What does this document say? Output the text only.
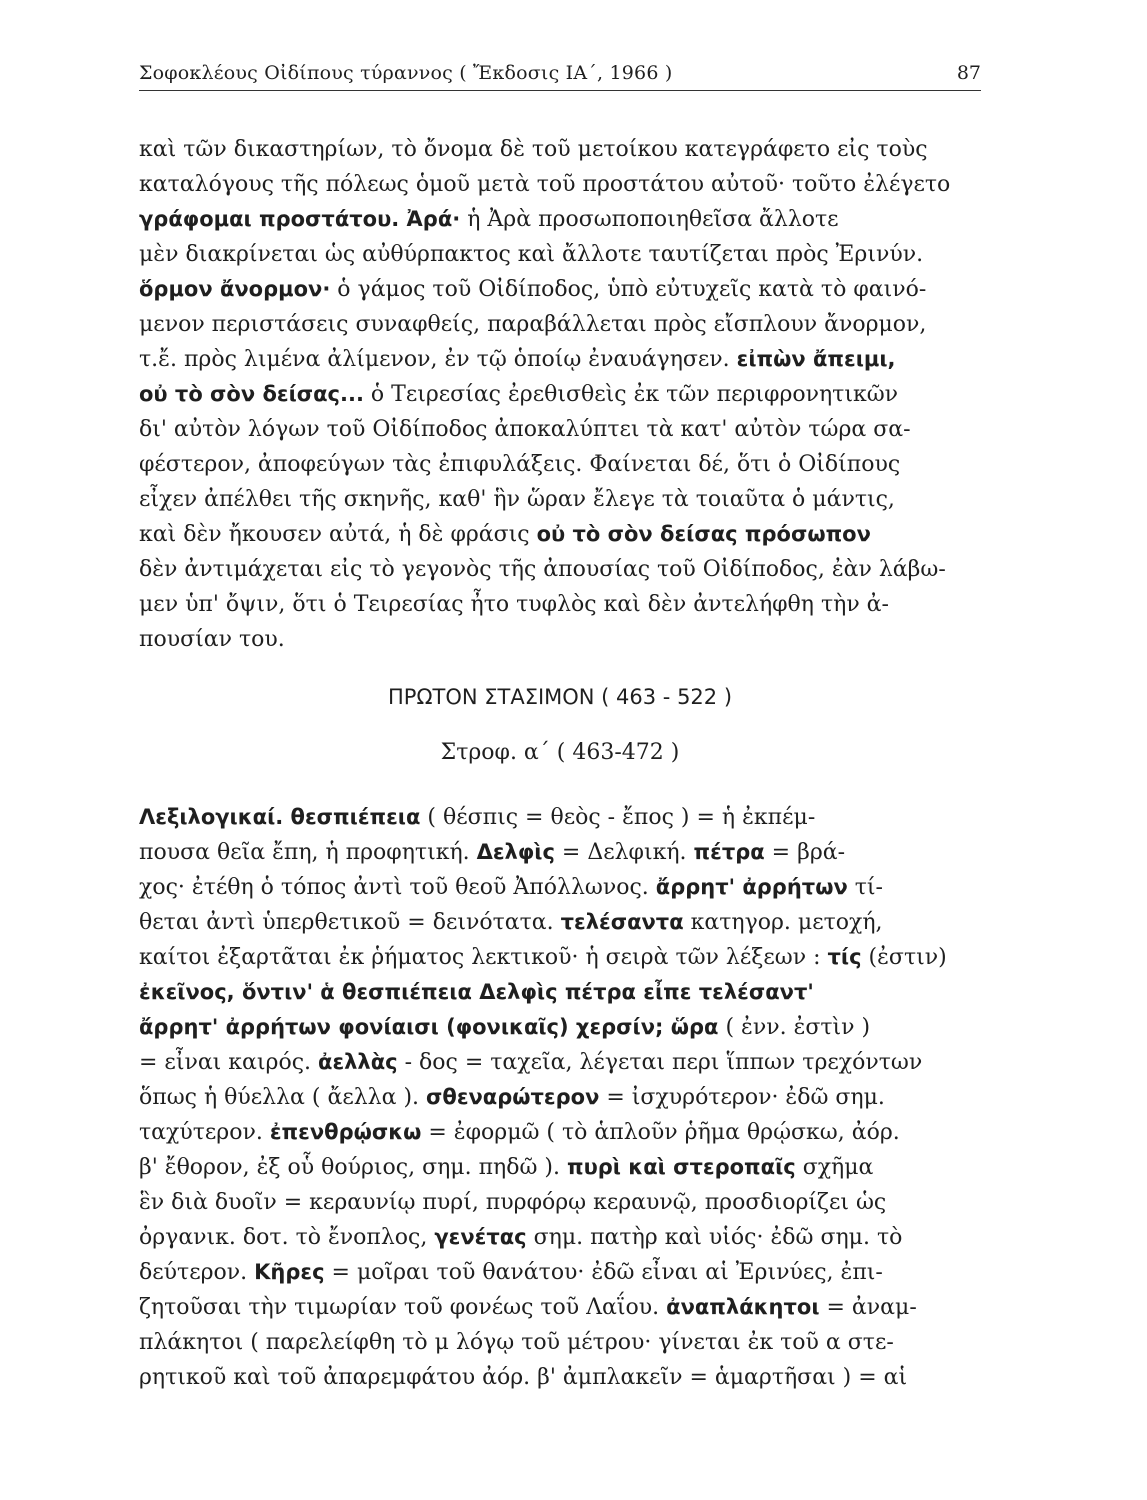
Σοφοκλέους Οἰδίπους τύραννος ( Ἔκδοσις ΙΑ΄, 1966 )	87
καὶ τῶν δικαστηρίων, τὸ ὄνομα δὲ τοῦ μετοίκου κατεγράφετο εἰς τοὺς
καταλόγους τῆς πόλεως ὁμοῦ μετὰ τοῦ προστάτου αὐτοῦ· τοῦτο ἐλέγετο
γράφομαι προστάτου. Ἀρά· ἡ Ἀρὰ προσωποποιηθεῖσα ἄλλοτε
μὲν διακρίνεται ὡς αὐθύρπακτος καὶ ἄλλοτε ταυτίζεται πρὸς Ἐρινύν.
ὅρμον ἄνορμον· ὁ γάμος τοῦ Οἰδίποδος, ὑπὸ εὐτυχεῖς κατὰ τὸ φαινό-
μενον περιστάσεις συναφθείς, παραβάλλεται πρὸς εἴσπλουν ἄνορμον,
τ.ἔ. πρὸς λιμένα ἀλίμενον, ἐν τῷ ὁποίῳ ἐναυάγησεν. εἰπὼν ἄπειμι,
οὐ τὸ σὸν δείσας... ὁ Τειρεσίας ἐρεθισθεὶς ἐκ τῶν περιφρονητικῶν
δι' αὐτὸν λόγων τοῦ Οἰδίποδος ἀποκαλύπτει τὰ κατ' αὐτὸν τώρα σα-
φέστερον, ἀποφεύγων τὰς ἐπιφυλάξεις. Φαίνεται δέ, ὅτι ὁ Οἰδίπους
εἶχεν ἀπέλθει τῆς σκηνῆς, καθ' ἣν ὥραν ἔλεγε τὰ τοιαῦτα ὁ μάντις,
καὶ δὲν ἤκουσεν αὐτά, ἡ δὲ φράσις οὐ τὸ σὸν δείσας πρόσωπον
δὲν ἀντιμάχεται εἰς τὸ γεγονὸς τῆς ἀπουσίας τοῦ Οἰδίποδος, ἐὰν λάβω-
μεν ὑπ' ὄψιν, ὅτι ὁ Τειρεσίας ἦτο τυφλὸς καὶ δὲν ἀντελήφθη τὴν ἀ-
πουσίαν του.
ΠΡΩΤΟΝ ΣΤΑΣΙΜΟΝ ( 463 - 522 )
Στροφ. α΄ ( 463-472 )
Λεξιλογικαί. θεσπιέπεια ( θέσπις = θεὸς - ἔπος ) = ἡ ἐκπέμ-
πουσα θεῖα ἔπη, ἡ προφητική. Δελφὶς = Δελφική. πέτρα = βρά-
χος· ἐτέθη ὁ τόπος ἀντὶ τοῦ θεοῦ Ἀπόλλωνος. ἄρρητ' ἀρρήτων τί-
θεται ἀντὶ ὑπερθετικοῦ = δεινότατα. τελέσαντα κατηγορ. μετοχή,
καίτοι ἐξαρτᾶται ἐκ ῥήματος λεκτικοῦ· ἡ σειρὰ τῶν λέξεων : τίς (ἐστιν)
ἐκεῖνος, ὅντιν' ἁ θεσπιέπεια Δελφὶς πέτρα εἶπε τελέσαντ'
ἄρρητ' ἀρρήτων φονίαισι (φονικαῖς) χερσίν; ὥρα ( ἐνν. ἐστὶν )
= εἶναι καιρός. ἀελλὰς - δος = ταχεῖα, λέγεται περι ἵππων τρεχόντων
ὅπως ἡ θύελλα ( ἄελλα ). σθεναρώτερον = ἰσχυρότερον· ἐδῶ σημ.
ταχύτερον. ἐπενθρῴσκω = ἐφορμῶ ( τὸ ἁπλοῦν ῥῆμα θρῴσκω, ἀόρ.
β' ἔθορον, ἐξ οὗ θούριος, σημ. πηδῶ ). πυρὶ καὶ στεροπαῖς σχῆμα
ἓν διὰ δυοῖν = κεραυνίῳ πυρί, πυρφόρῳ κεραυνῷ, προσδιορίζει ὡς
ὀργανικ. δοτ. τὸ ἔνοπλος, γενέτας σημ. πατὴρ καὶ υἱός· ἐδῶ σημ. τὸ
δεύτερον. Κῆρες = μοῖραι τοῦ θανάτου· ἐδῶ εἶναι αἱ Ἐρινύες, ἐπι-
ζητοῦσαι τὴν τιμωρίαν τοῦ φονέως τοῦ Λαΐου. ἀναπλάκητοι = ἀναμ-
πλάκητοι ( παρελείφθη τὸ μ λόγῳ τοῦ μέτρου· γίνεται ἐκ τοῦ α στε-
ρητικοῦ καὶ τοῦ ἀπαρεμφάτου ἀόρ. β' ἀμπλακεῖν = ἁμαρτῆσαι ) = αἱ
